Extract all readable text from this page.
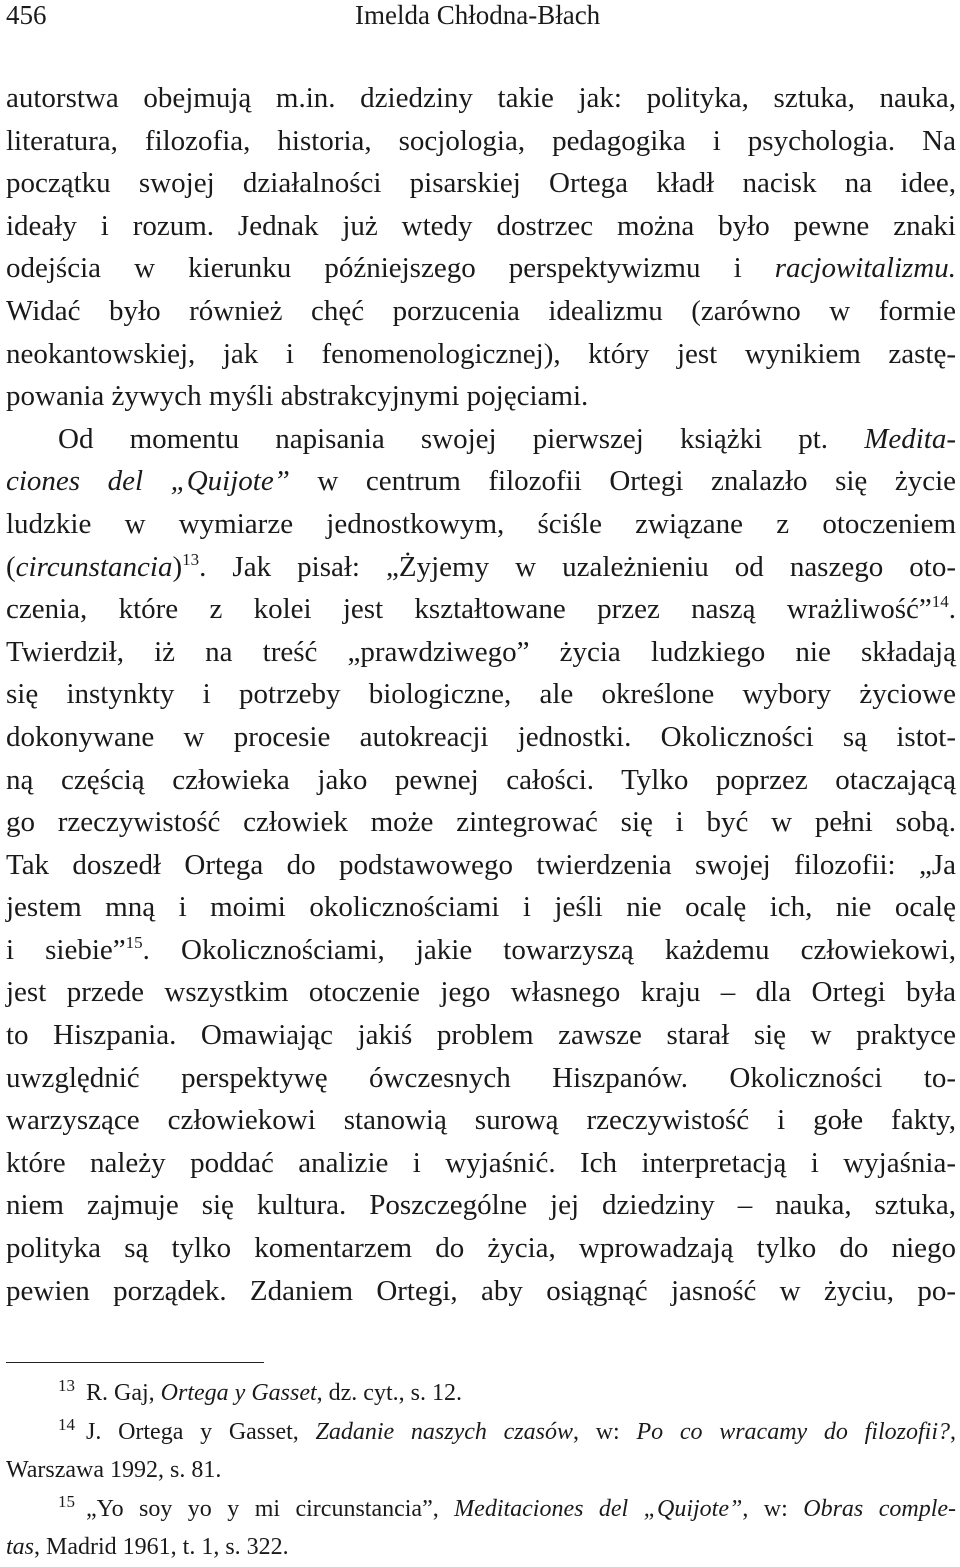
456	Imelda Chłodna-Błach
autorstwa obejmują m.in. dziedziny takie jak: polityka, sztuka, nauka,
literatura, filozofia, historia, socjologia, pedagogika i psychologia. Na
początku swojej działalności pisarskiej Ortega kładł nacisk na idee,
ideały i rozum. Jednak już wtedy dostrzec można było pewne znaki
odejścia w kierunku późniejszego perspektywizmu i racjowitalizmu.
Widać było również chęć porzucenia idealizmu (zarówno w formie
neokantowskiej, jak i fenomenologicznej), który jest wynikiem zastę-
powania żywych myśli abstrakcyjnymi pojęciami.
Od momentu napisania swojej pierwszej książki pt. Medita-
ciones del „Quijote” w centrum filozofii Ortegi znalazło się życie
ludzkie w wymiarze jednostkowym, ściśle związane z otoczeniem
(circunstancia)$^{13}$. Jak pisał: „Żyjemy w uzależnieniu od naszego oto-
czenia, które z kolei jest kształtowane przez naszą wrażliwość”$^{14}$.
Twierdził, iż na treść „prawdziwego” życia ludzkiego nie składają
się instynkty i potrzeby biologiczne, ale określone wybory życiowe
dokonywane w procesie autokreacji jednostki. Okoliczności są istot-
ną częścią człowieka jako pewnej całości. Tylko poprzez otaczającą
go rzeczywistość człowiek może zintegrować się i być w pełni sobą.
Tak doszedł Ortega do podstawowego twierdzenia swojej filozofii: „Ja
jestem mną i moimi okolicznościami i jeśli nie ocalę ich, nie ocalę
i siebie”$^{15}$. Okolicznościami, jakie towarzyszą każdemu człowiekowi,
jest przede wszystkim otoczenie jego własnego kraju – dla Ortegi była
to Hiszpania. Omawiając jakiś problem zawsze starał się w praktyce
uwzględnić perspektywę ówczesnych Hiszpanów. Okoliczności to-
warzyszące człowiekowi stanowią surową rzeczywistość i gołe fakty,
które należy poddać analizie i wyjaśnić. Ich interpretacją i wyjaśnia-
niem zajmuje się kultura. Poszczególne jej dziedziny – nauka, sztuka,
polityka są tylko komentarzem do życia, wprowadzają tylko do niego
pewien porządek. Zdaniem Ortegi, aby osiągnąć jasność w życiu, po-
13 R. Gaj, Ortega y Gasset, dz. cyt., s. 12.
14 J. Ortega y Gasset, Zadanie naszych czasów, w: Po co wracamy do filozofii?,
Warszawa 1992, s. 81.
15 „Yo soy yo y mi circunstancia”, Meditaciones del „Quijote”, w: Obras comple-
tas, Madrid 1961, t. 1, s. 322.
